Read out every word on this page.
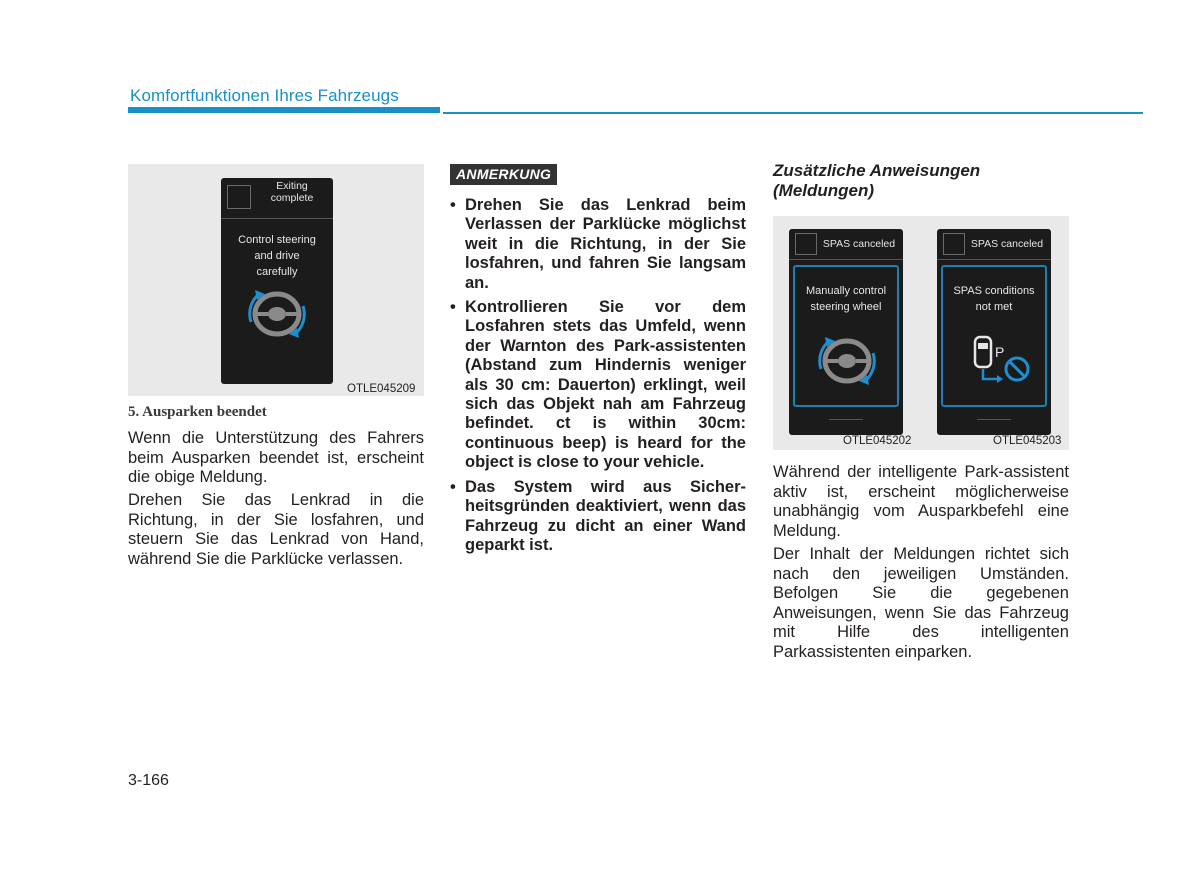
Komfortfunktionen Ihres Fahrzeugs
Exiting
complete
Control steering
and drive
carefully
OTLE045209
5. Ausparken beendet
Wenn die Unterstützung des Fahrers beim Ausparken beendet ist, erscheint die obige Meldung.
Drehen Sie das Lenkrad in die Richtung, in der Sie losfahren, und steuern Sie das Lenkrad von Hand, während Sie die Parklücke verlassen.
ANMERKUNG
• Drehen Sie das Lenkrad beim Verlassen der Parklücke möglichst weit in die Richtung, in der Sie losfahren, und fahren Sie langsam an.
• Kontrollieren Sie vor dem Losfahren stets das Umfeld, wenn der Warnton des Park-assistenten (Abstand zum Hindernis weniger als 30 cm: Dauerton) erklingt, weil sich das Objekt nah am Fahrzeug befindet. ct is within 30cm: continuous beep) is heard for the object is close to your vehicle.
• Das System wird aus Sicher-heitsgründen deaktiviert, wenn das Fahrzeug zu dicht an einer Wand geparkt ist.
Zusätzliche Anweisungen (Meldungen)
SPAS canceled
Manually control
steering wheel
OTLE045202
SPAS canceled
SPAS conditions
not met
P
OTLE045203
Während der intelligente Park-assistent aktiv ist, erscheint möglicherweise unabhängig vom Ausparkbefehl eine Meldung.
Der Inhalt der Meldungen richtet sich nach den jeweiligen Umständen. Befolgen Sie die gegebenen Anweisungen, wenn Sie das Fahrzeug mit Hilfe des intelligenten Parkassistenten einparken.
3-166
